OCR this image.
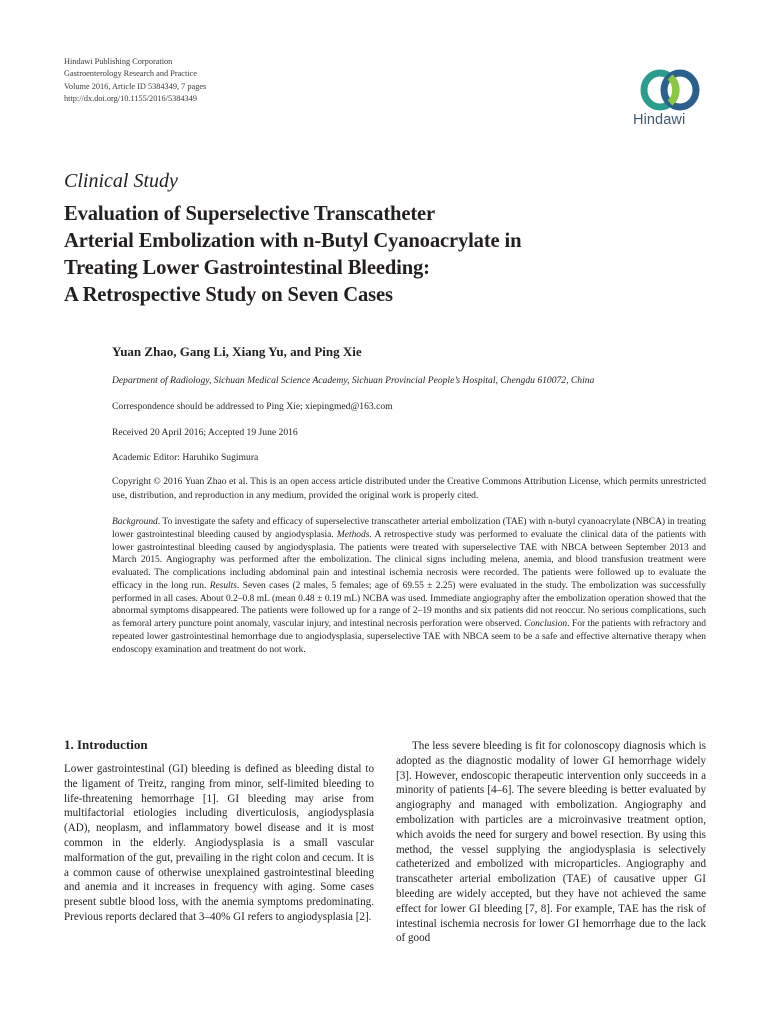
Hindawi Publishing Corporation
Gastroenterology Research and Practice
Volume 2016, Article ID 5384349, 7 pages
http://dx.doi.org/10.1155/2016/5384349
Hindawi
Clinical Study
Evaluation of Superselective Transcatheter
Arterial Embolization with n-Butyl Cyanoacrylate in
Treating Lower Gastrointestinal Bleeding:
A Retrospective Study on Seven Cases
Yuan Zhao, Gang Li, Xiang Yu, and Ping Xie
Department of Radiology, Sichuan Medical Science Academy, Sichuan Provincial People’s Hospital, Chengdu 610072, China
Correspondence should be addressed to Ping Xie; xiepingmed@163.com
Received 20 April 2016; Accepted 19 June 2016
Academic Editor: Haruhiko Sugimura
Copyright © 2016 Yuan Zhao et al. This is an open access article distributed under the Creative Commons Attribution License, which permits unrestricted use, distribution, and reproduction in any medium, provided the original work is properly cited.
Background. To investigate the safety and efficacy of superselective transcatheter arterial embolization (TAE) with n-butyl cyanoacrylate (NBCA) in treating lower gastrointestinal bleeding caused by angiodysplasia. Methods. A retrospective study was performed to evaluate the clinical data of the patients with lower gastrointestinal bleeding caused by angiodysplasia. The patients were treated with superselective TAE with NBCA between September 2013 and March 2015. Angiography was performed after the embolization. The clinical signs including melena, anemia, and blood transfusion treatment were evaluated. The complications including abdominal pain and intestinal ischemia necrosis were recorded. The patients were followed up to evaluate the efficacy in the long run. Results. Seven cases (2 males, 5 females; age of 69.55 ± 2.25) were evaluated in the study. The embolization was successfully performed in all cases. About 0.2–0.8 mL (mean 0.48 ± 0.19 mL) NCBA was used. Immediate angiography after the embolization operation showed that the abnormal symptoms disappeared. The patients were followed up for a range of 2–19 months and six patients did not reoccur. No serious complications, such as femoral artery puncture point anomaly, vascular injury, and intestinal necrosis perforation were observed. Conclusion. For the patients with refractory and repeated lower gastrointestinal hemorrhage due to angiodysplasia, superselective TAE with NBCA seem to be a safe and effective alternative therapy when endoscopy examination and treatment do not work.
1. Introduction
Lower gastrointestinal (GI) bleeding is defined as bleeding distal to the ligament of Treitz, ranging from minor, self-limited bleeding to life-threatening hemorrhage [1]. GI bleeding may arise from multifactorial etiologies including diverticulosis, angiodysplasia (AD), neoplasm, and inflammatory bowel disease and it is most common in the elderly. Angiodysplasia is a small vascular malformation of the gut, prevailing in the right colon and cecum. It is a common cause of otherwise unexplained gastrointestinal bleeding and anemia and it increases in frequency with aging. Some cases present subtle blood loss, with the anemia symptoms predominating. Previous reports declared that 3–40% GI refers to angiodysplasia [2].
The less severe bleeding is fit for colonoscopy diagnosis which is adopted as the diagnostic modality of lower GI hemorrhage widely [3]. However, endoscopic therapeutic intervention only succeeds in a minority of patients [4–6]. The severe bleeding is better evaluated by angiography and managed with embolization. Angiography and embolization with particles are a microinvasive treatment option, which avoids the need for surgery and bowel resection. By using this method, the vessel supplying the angiodysplasia is selectively catheterized and embolized with microparticles. Angiography and transcatheter arterial embolization (TAE) of causative upper GI bleeding are widely accepted, but they have not achieved the same effect for lower GI bleeding [7, 8]. For example, TAE has the risk of intestinal ischemia necrosis for lower GI hemorrhage due to the lack of good
